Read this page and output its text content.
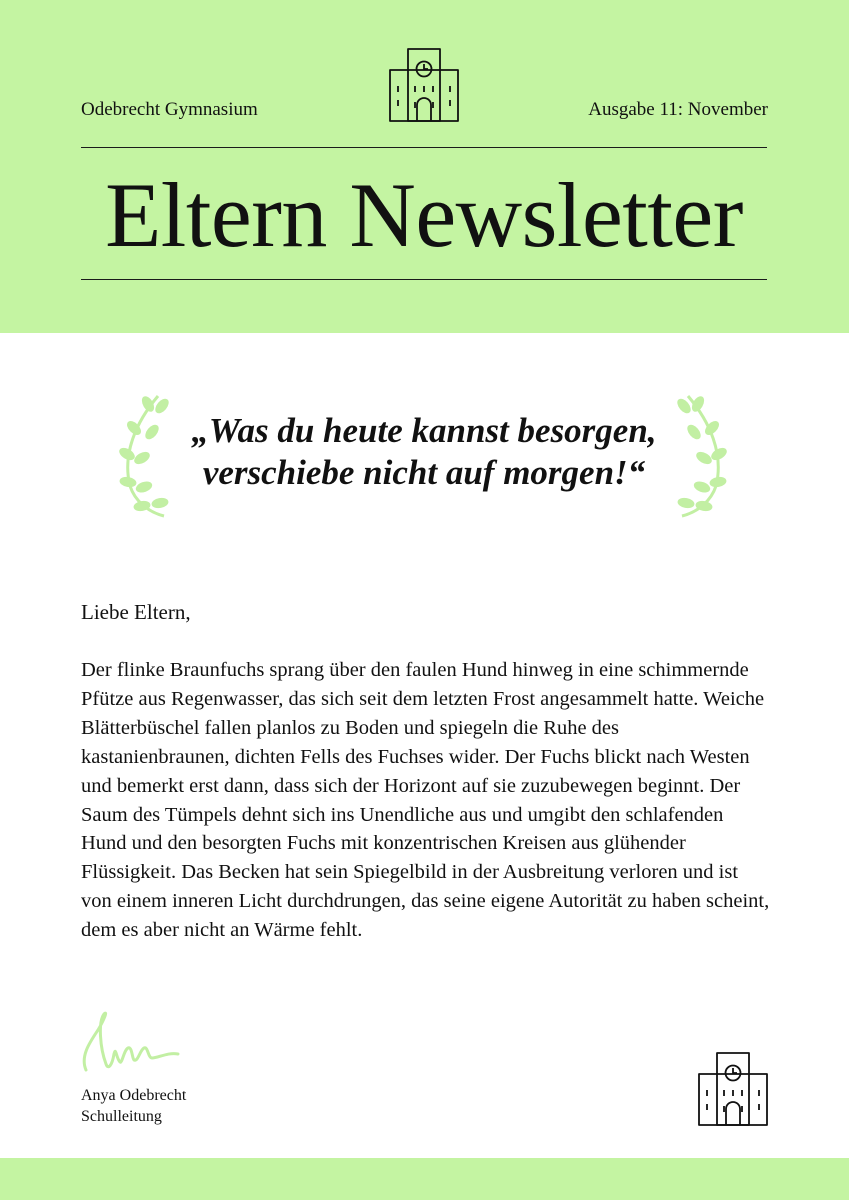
Odebrecht Gymnasium	Ausgabe 11: November
Eltern Newsletter
„Was du heute kannst besorgen,
verschiebe nicht auf morgen!“
Liebe Eltern,
Der flinke Braunfuchs sprang über den faulen Hund hinweg in eine schimmernde Pfütze aus Regenwasser, das sich seit dem letzten Frost angesammelt hatte. Weiche Blätterbüschel fallen planlos zu Boden und spiegeln die Ruhe des kastanienbraunen, dichten Fells des Fuchses wider. Der Fuchs blickt nach Westen und bemerkt erst dann, dass sich der Horizont auf sie zuzubewegen beginnt. Der Saum des Tümpels dehnt sich ins Unendliche aus und umgibt den schlafenden Hund und den besorgten Fuchs mit konzentrischen Kreisen aus glühender Flüssigkeit. Das Becken hat sein Spiegelbild in der Ausbreitung verloren und ist von einem inneren Licht durchdrungen, das seine eigene Autorität zu haben scheint, dem es aber nicht an Wärme fehlt.
Anya Odebrecht
Schulleitung
